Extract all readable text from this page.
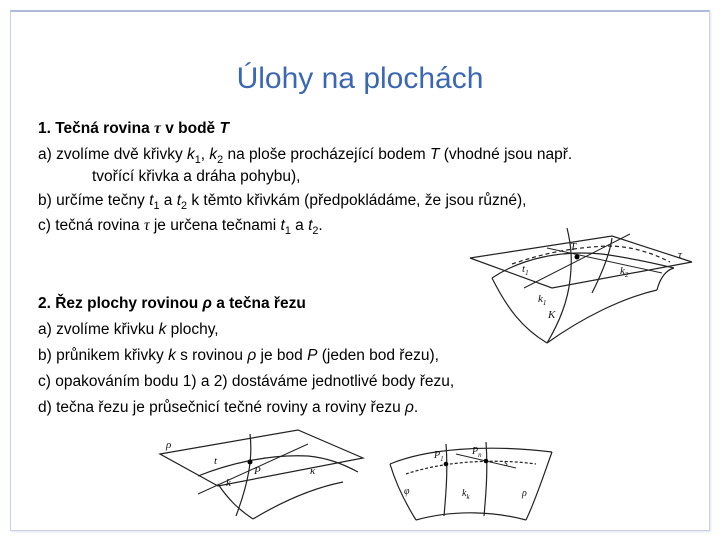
Úlohy na plochách
1. Tečná rovina τ v bodě T
a) zvolíme dvě křivky $k_1$, $k_2$ na ploše procházející bodem T (vhodné jsou např.
tvořící křivka a dráha pohybu),
b) určíme tečny $t_1$ a $t_2$ k těmto křivkám (předpokládáme, že jsou různé),
c) tečná rovina τ je určena tečnami $t_1$ a $t_2$.
2. Řez plochy rovinou ρ a tečna řezu
a) zvolíme křivku k plochy,
b) průnikem křivky k s rovinou ρ je bod P (jeden bod řezu),
c) opakováním bodu 1) a 2) dostáváme jednotlivé body řezu,
d) tečna řezu je průsečnicí tečné roviny a roviny řezu ρ.
T
τ
$t_1$	$k_2$
$k_1$
K
ρ
t
P
k
κ
$P_1$
$P_n$
s
φ	$k_k$	ρ
